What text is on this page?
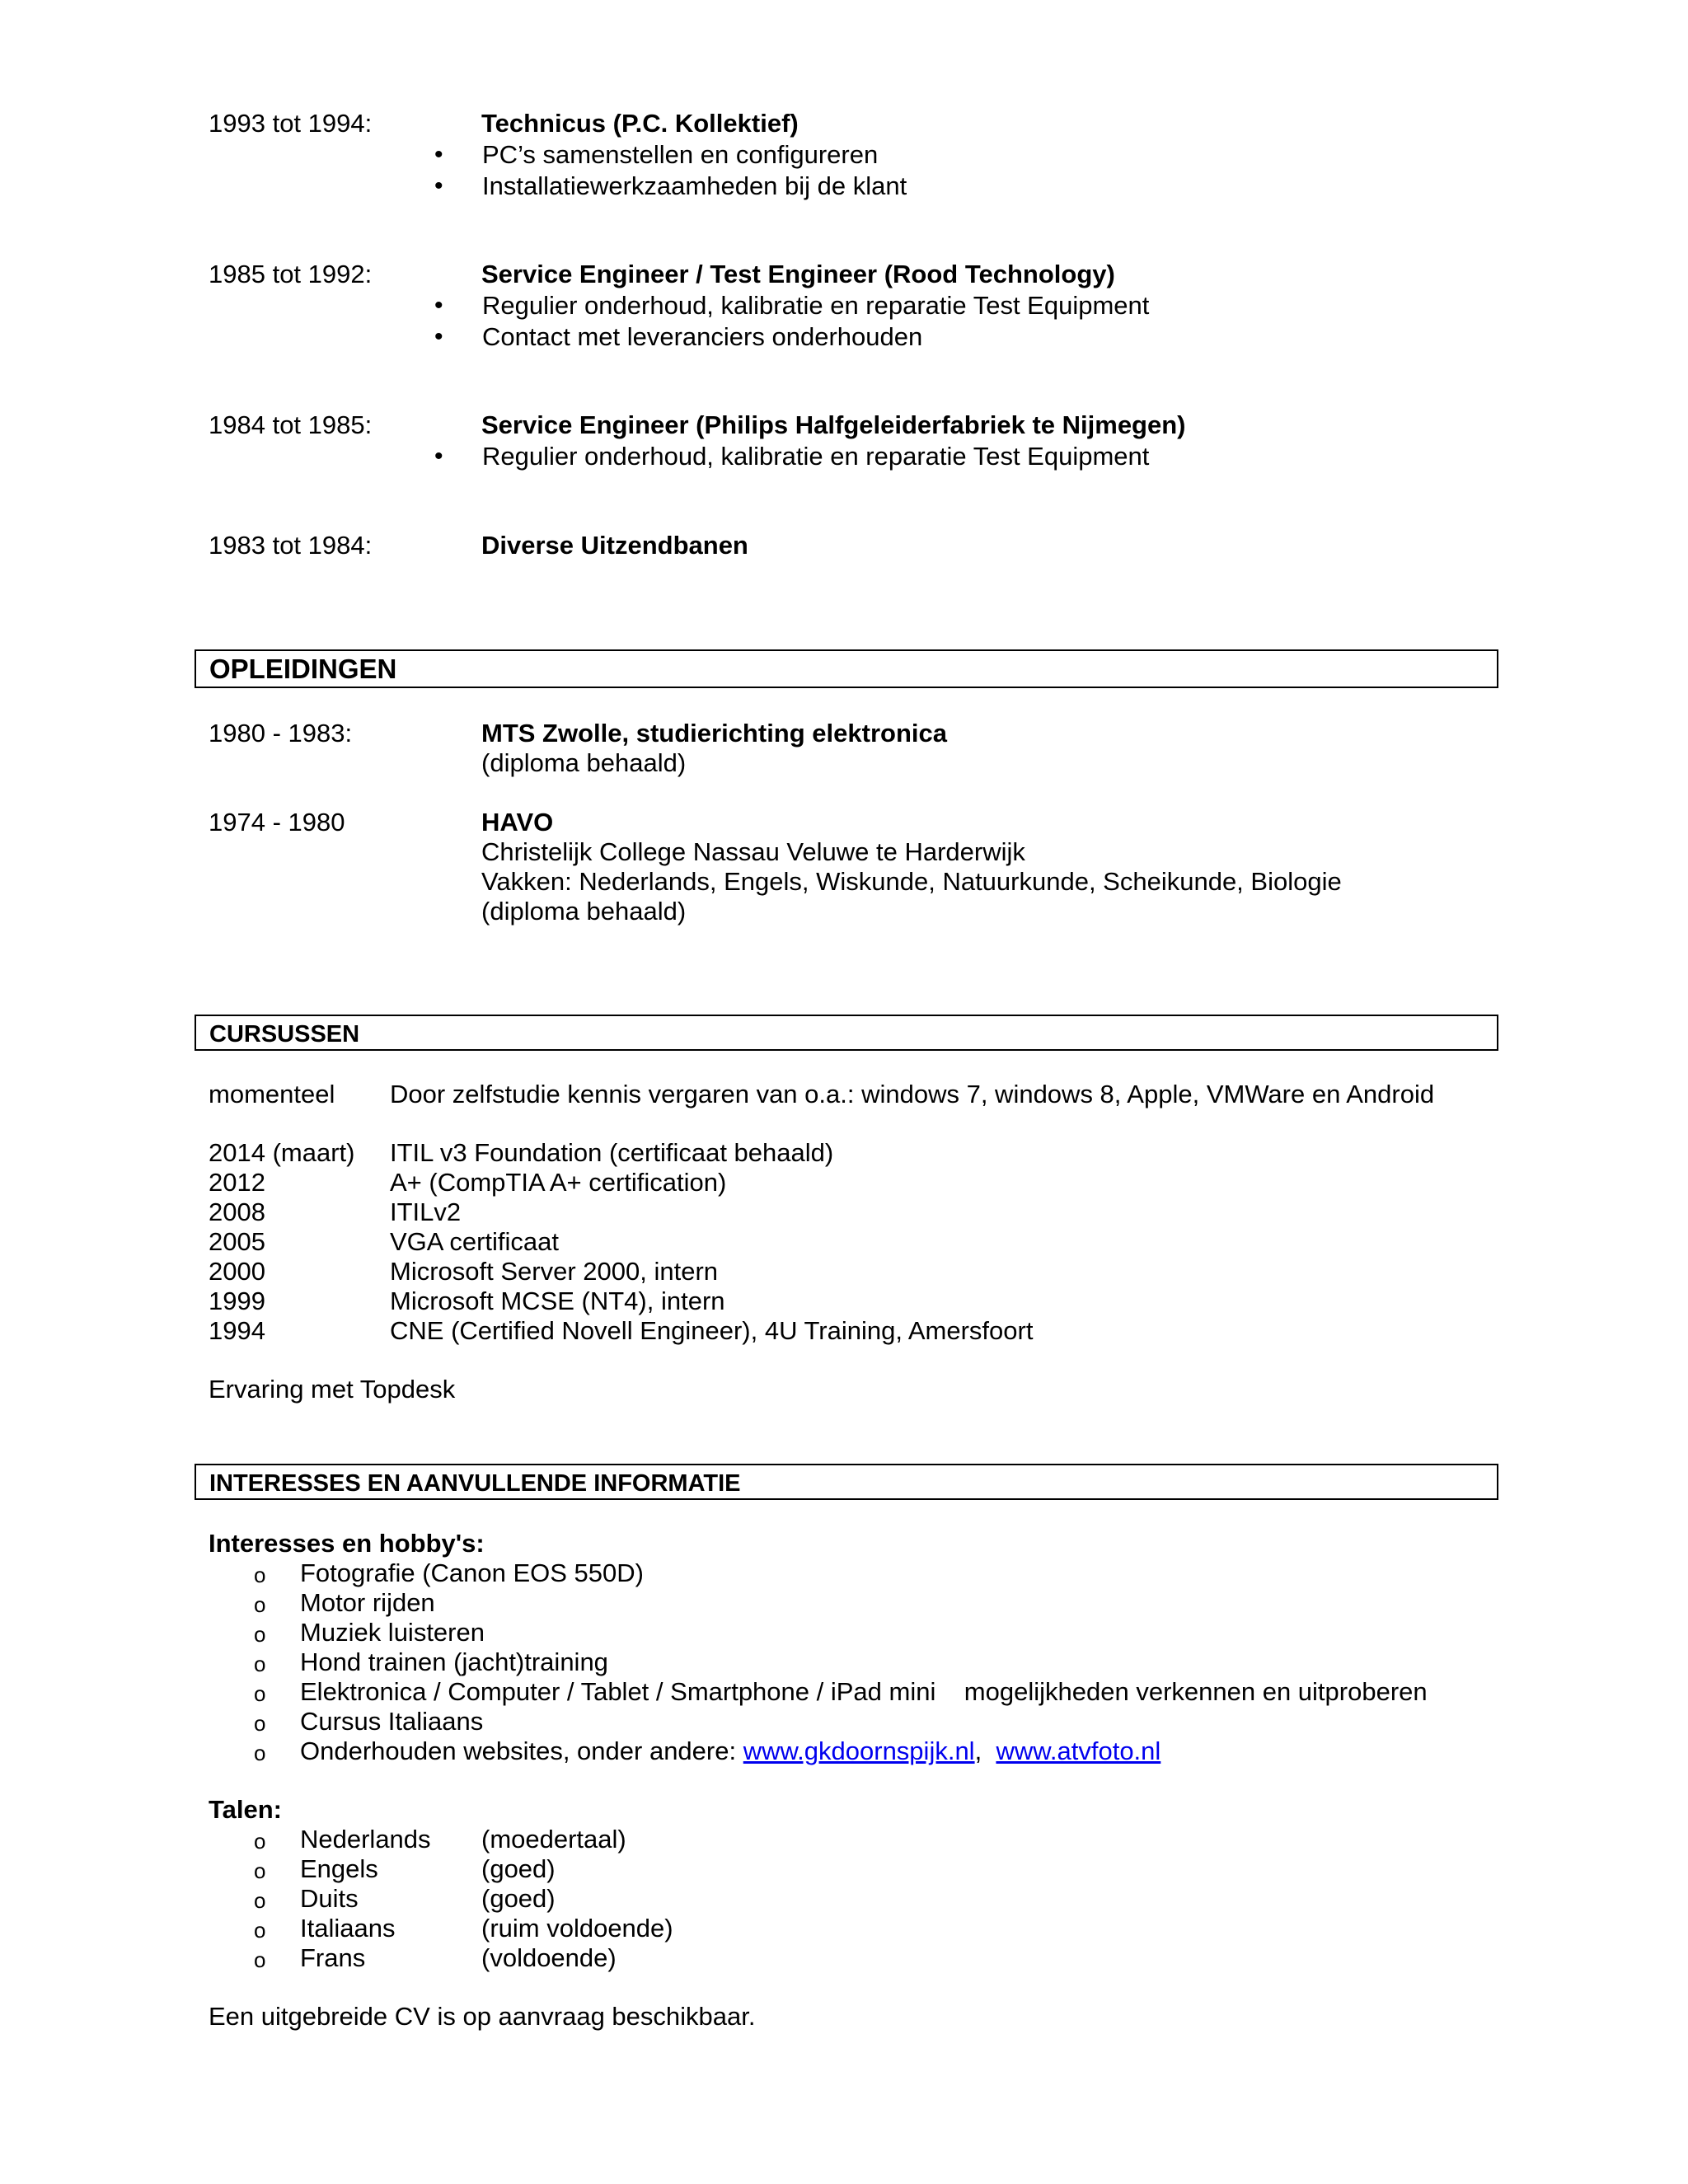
1993 tot 1994:	Technicus (P.C. Kollektief)
• PC’s samenstellen en configureren
• Installatiewerkzaamheden bij de klant
1985 tot 1992:	Service Engineer / Test Engineer (Rood Technology)
• Regulier onderhoud, kalibratie en reparatie Test Equipment
• Contact met leveranciers onderhouden
1984 tot 1985:	Service Engineer (Philips Halfgeleiderfabriek te Nijmegen)
• Regulier onderhoud, kalibratie en reparatie Test Equipment
1983 tot 1984:	Diverse Uitzendbanen
OPLEIDINGEN
1980 - 1983:	MTS Zwolle, studierichting elektronica
(diploma behaald)
1974 - 1980	HAVO
Christelijk College Nassau Veluwe te Harderwijk
Vakken: Nederlands, Engels, Wiskunde, Natuurkunde, Scheikunde, Biologie
(diploma behaald)
CURSUSSEN
momenteel Door zelfstudie kennis vergaren van o.a.: windows 7, windows 8, Apple, VMWare en Android
2014 (maart) ITIL v3 Foundation (certificaat behaald)
2012	A+ (CompTIA A+ certification)
2008	ITILv2
2005	VGA certificaat
2000	Microsoft Server 2000, intern
1999	Microsoft MCSE (NT4), intern
1994	CNE (Certified Novell Engineer), 4U Training, Amersfoort
Ervaring met Topdesk
INTERESSES EN AANVULLENDE INFORMATIE
Interesses en hobby's:
o Fotografie (Canon EOS 550D)
o Motor rijden
o Muziek luisteren
o Hond trainen (jacht)training
o Elektronica / Computer / Tablet / Smartphone / iPad mini    mogelijkheden verkennen en uitproberen
o Cursus Italiaans
o Onderhouden websites, onder andere: www.gkdoornspijk.nl, www.atvfoto.nl
Talen:
o Nederlands (moedertaal)
o Engels	(goed)
o Duits	(goed)
o Italiaans	(ruim voldoende)
o Frans	(voldoende)
Een uitgebreide CV is op aanvraag beschikbaar.
